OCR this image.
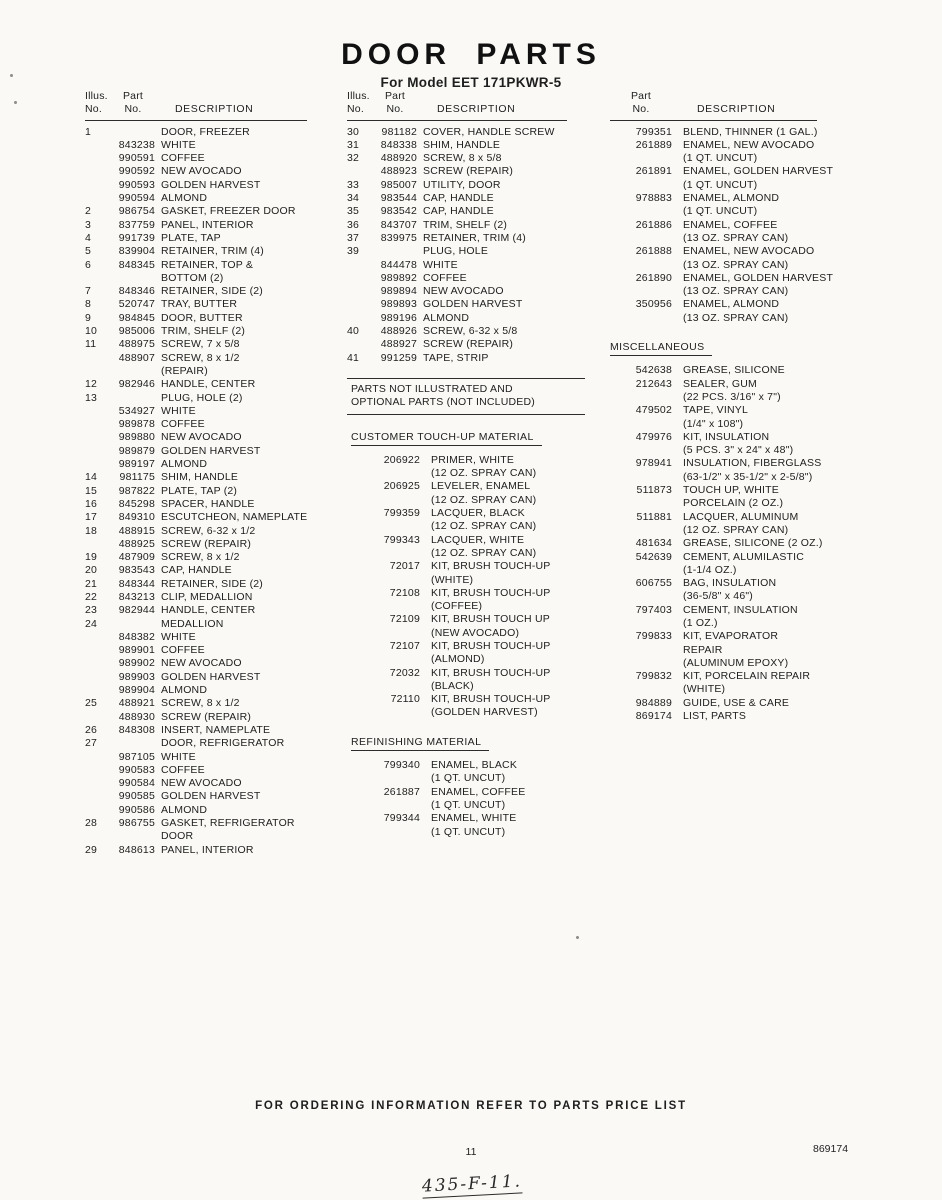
DOOR PARTS
For Model EET 171PKWR-5
Illus.	Part
No.	No.	DESCRIPTION
1	DOOR, FREEZER
843238 WHITE
990591 COFFEE
990592 NEW AVOCADO
990593 GOLDEN HARVEST
990594 ALMOND
2	986754 GASKET, FREEZER DOOR
3	837759 PANEL, INTERIOR
4	991739 PLATE, TAP
5	839904 RETAINER, TRIM (4)
6	848345 RETAINER, TOP &
BOTTOM (2)
7	848346 RETAINER, SIDE (2)
8	520747 TRAY, BUTTER
9	984845 DOOR, BUTTER
10	985006 TRIM, SHELF (2)
11	488975 SCREW, 7 x 5/8
488907 SCREW, 8 x 1/2
(REPAIR)
12	982946 HANDLE, CENTER
13	PLUG, HOLE (2)
534927 WHITE
989878 COFFEE
989880 NEW AVOCADO
989879 GOLDEN HARVEST
989197 ALMOND
14	981175 SHIM, HANDLE
15	987822 PLATE, TAP (2)
16	845298 SPACER, HANDLE
17	849310 ESCUTCHEON, NAMEPLATE
18	488915 SCREW, 6-32 x 1/2
488925 SCREW (REPAIR)
19	487909 SCREW, 8 x 1/2
20	983543 CAP, HANDLE
21	848344 RETAINER, SIDE (2)
22	843213 CLIP, MEDALLION
23	982944 HANDLE, CENTER
24	MEDALLION
848382 WHITE
989901 COFFEE
989902 NEW AVOCADO
989903 GOLDEN HARVEST
989904 ALMOND
25	488921 SCREW, 8 x 1/2
488930 SCREW (REPAIR)
26	848308 INSERT, NAMEPLATE
27	DOOR, REFRIGERATOR
987105 WHITE
990583 COFFEE
990584 NEW AVOCADO
990585 GOLDEN HARVEST
990586 ALMOND
28	986755 GASKET, REFRIGERATOR
DOOR
29	848613 PANEL, INTERIOR
Illus.	Part
No.	No.	DESCRIPTION
30	981182 COVER, HANDLE SCREW
31	848338 SHIM, HANDLE
32	488920 SCREW, 8 x 5/8
488923 SCREW (REPAIR)
33	985007 UTILITY, DOOR
34	983544 CAP, HANDLE
35	983542 CAP, HANDLE
36	843707 TRIM, SHELF (2)
37	839975 RETAINER, TRIM (4)
39	PLUG, HOLE
844478 WHITE
989892 COFFEE
989894 NEW AVOCADO
989893 GOLDEN HARVEST
989196 ALMOND
40	488926 SCREW, 6-32 x 5/8
488927 SCREW (REPAIR)
41	991259 TAPE, STRIP
PARTS NOT ILLUSTRATED AND
OPTIONAL PARTS (NOT INCLUDED)
CUSTOMER TOUCH-UP MATERIAL
206922 PRIMER, WHITE
(12 OZ. SPRAY CAN)
206925 LEVELER, ENAMEL
(12 OZ. SPRAY CAN)
799359 LACQUER, BLACK
(12 OZ. SPRAY CAN)
799343 LACQUER, WHITE
(12 OZ. SPRAY CAN)
72017 KIT, BRUSH TOUCH-UP
(WHITE)
72108 KIT, BRUSH TOUCH-UP
(COFFEE)
72109 KIT, BRUSH TOUCH UP
(NEW AVOCADO)
72107 KIT, BRUSH TOUCH-UP
(ALMOND)
72032 KIT, BRUSH TOUCH-UP
(BLACK)
72110 KIT, BRUSH TOUCH-UP
(GOLDEN HARVEST)
REFINISHING MATERIAL
799340 ENAMEL, BLACK
(1 QT. UNCUT)
261887 ENAMEL, COFFEE
(1 QT. UNCUT)
799344 ENAMEL, WHITE
(1 QT. UNCUT)
Part
No.	DESCRIPTION
799351 BLEND, THINNER (1 GAL.)
261889 ENAMEL, NEW AVOCADO
(1 QT. UNCUT)
261891 ENAMEL, GOLDEN HARVEST
(1 QT. UNCUT)
978883 ENAMEL, ALMOND
(1 QT. UNCUT)
261886 ENAMEL, COFFEE
(13 OZ. SPRAY CAN)
261888 ENAMEL, NEW AVOCADO
(13 OZ. SPRAY CAN)
261890 ENAMEL, GOLDEN HARVEST
(13 OZ. SPRAY CAN)
350956 ENAMEL, ALMOND
(13 OZ. SPRAY CAN)
MISCELLANEOUS
542638 GREASE, SILICONE
212643 SEALER, GUM
(22 PCS. 3/16" x 7")
479502 TAPE, VINYL
(1/4" x 108")
479976 KIT, INSULATION
(5 PCS. 3" x 24" x 48")
978941 INSULATION, FIBERGLASS
(63-1/2" x 35-1/2" x 2-5/8")
511873 TOUCH UP, WHITE
PORCELAIN (2 OZ.)
511881 LACQUER, ALUMINUM
(12 OZ. SPRAY CAN)
481634 GREASE, SILICONE (2 OZ.)
542639 CEMENT, ALUMILASTIC
(1-1/4 OZ.)
606755 BAG, INSULATION
(36-5/8" x 46")
797403 CEMENT, INSULATION
(1 OZ.)
799833 KIT, EVAPORATOR
REPAIR
(ALUMINUM EPOXY)
799832 KIT, PORCELAIN REPAIR
(WHITE)
984889 GUIDE, USE & CARE
869174 LIST, PARTS
FOR ORDERING INFORMATION REFER TO PARTS PRICE LIST
11	869174
435-F-11.
